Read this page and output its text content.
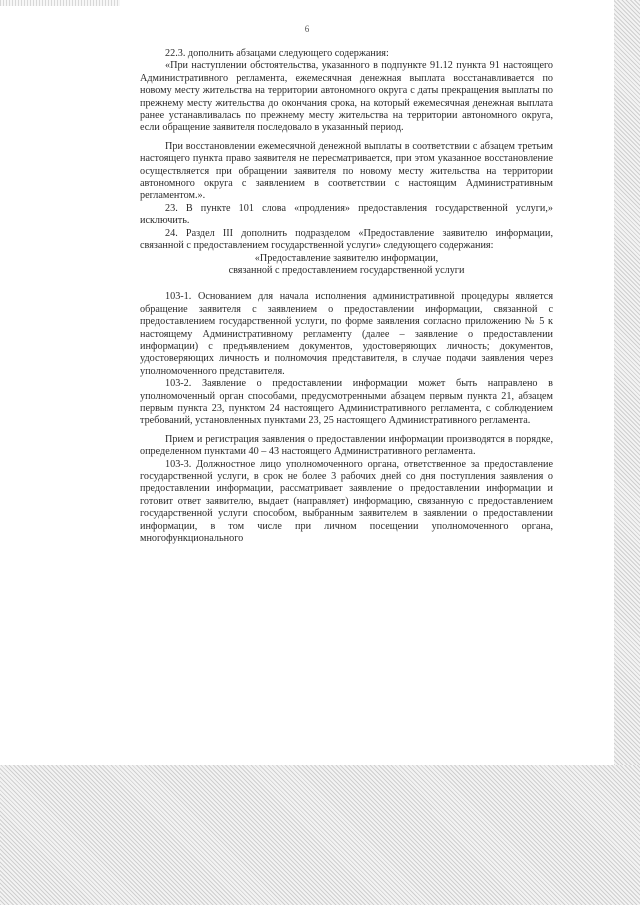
6

22.3. дополнить абзацами следующего содержания:

«При наступлении обстоятельства, указанного в подпункте 91.12 пункта 91 настоящего Административного регламента, ежемесячная денежная выплата восстанавливается по новому месту жительства на территории автономного округа с даты прекращения выплаты по прежнему месту жительства до окончания срока, на который ежемесячная денежная выплата ранее устанавливалась по прежнему месту жительства на территории автономного округа, если обращение заявителя последовало в указанный период.

При восстановлении ежемесячной денежной выплаты в соответствии с абзацем третьим настоящего пункта право заявителя не пересматривается, при этом указанное восстановление осуществляется при обращении заявителя по новому месту жительства на территории автономного округа с заявлением в соответствии с настоящим Административным регламентом.».

23. В пункте 101 слова «продления» предоставления государственной услуги,» исключить.

24. Раздел III дополнить подразделом «Предоставление заявителю информации, связанной с предоставлением государственной услуги» следующего содержания:

«Предоставление заявителю информации,

связанной с предоставлением государственной услуги

103-1. Основанием для начала исполнения административной процедуры является обращение заявителя с заявлением о предоставлении информации, связанной с предоставлением государственной услуги, по форме заявления согласно приложению № 5 к настоящему Административному регламенту (далее – заявление о предоставлении информации) с предъявлением документов, удостоверяющих личность; документов, удостоверяющих личность и полномочия представителя, в случае подачи заявления через уполномоченного представителя.

103-2. Заявление о предоставлении информации может быть направлено в уполномоченный орган способами, предусмотренными абзацем первым пункта 21, абзацем первым пункта 23, пунктом 24 настоящего Административного регламента, с соблюдением требований, установленных пунктами 23, 25 настоящего Административного регламента.

Прием и регистрация заявления о предоставлении информации производятся в порядке, определенном пунктами 40 – 43 настоящего Административного регламента.

103-3. Должностное лицо уполномоченного органа, ответственное за предоставление государственной услуги, в срок не более 3 рабочих дней со дня поступления заявления о предоставлении информации, рассматривает заявление о предоставлении информации и готовит ответ заявителю, выдает (направляет) информацию, связанную с предоставлением государственной услуги способом, выбранным заявителем в заявлении о предоставлении информации, в том числе при личном посещении уполномоченного органа, многофункционального
